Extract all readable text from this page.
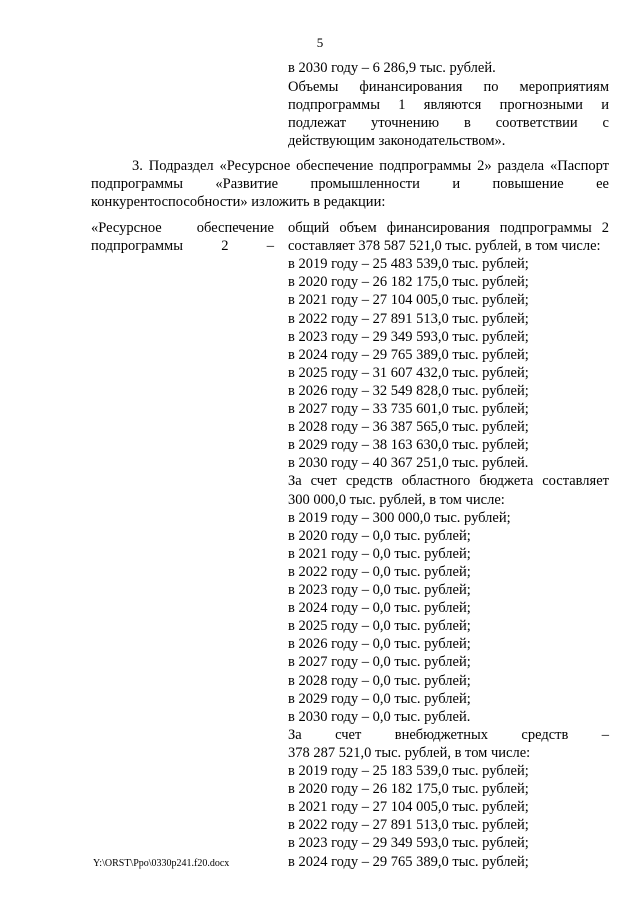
5
в 2030 году – 6 286,9 тыс. рублей.
Объемы финансирования по мероприятиям
подпрограммы 1 являются прогнозными и
подлежат уточнению в соответствии с
действующим законодательством».
3. Подраздел «Ресурсное обеспечение подпрограммы 2» раздела «Паспорт
подпрограммы «Развитие промышленности и повышение ее
конкурентоспособности» изложить в редакции:
«Ресурсное обеспечение
подпрограммы 2 –
общий объем финансирования подпрограммы 2
составляет 378 587 521,0 тыс. рублей, в том числе:
в 2019 году – 25 483 539,0 тыс. рублей;
в 2020 году – 26 182 175,0 тыс. рублей;
в 2021 году – 27 104 005,0 тыс. рублей;
в 2022 году – 27 891 513,0 тыс. рублей;
в 2023 году – 29 349 593,0 тыс. рублей;
в 2024 году – 29 765 389,0 тыс. рублей;
в 2025 году – 31 607 432,0 тыс. рублей;
в 2026 году – 32 549 828,0 тыс. рублей;
в 2027 году – 33 735 601,0 тыс. рублей;
в 2028 году – 36 387 565,0 тыс. рублей;
в 2029 году – 38 163 630,0 тыс. рублей;
в 2030 году – 40 367 251,0 тыс. рублей.
За счет средств областного бюджета составляет
300 000,0 тыс. рублей, в том числе:
в 2019 году – 300 000,0 тыс. рублей;
в 2020 году – 0,0 тыс. рублей;
в 2021 году – 0,0 тыс. рублей;
в 2022 году – 0,0 тыс. рублей;
в 2023 году – 0,0 тыс. рублей;
в 2024 году – 0,0 тыс. рублей;
в 2025 году – 0,0 тыс. рублей;
в 2026 году – 0,0 тыс. рублей;
в 2027 году – 0,0 тыс. рублей;
в 2028 году – 0,0 тыс. рублей;
в 2029 году – 0,0 тыс. рублей;
в 2030 году – 0,0 тыс. рублей.
За счет внебюджетных средств –
378 287 521,0 тыс. рублей, в том числе:
в 2019 году – 25 183 539,0 тыс. рублей;
в 2020 году – 26 182 175,0 тыс. рублей;
в 2021 году – 27 104 005,0 тыс. рублей;
в 2022 году – 27 891 513,0 тыс. рублей;
в 2023 году – 29 349 593,0 тыс. рублей;
в 2024 году – 29 765 389,0 тыс. рублей;
Y:\ORST\Ppo\0330p241.f20.docx
